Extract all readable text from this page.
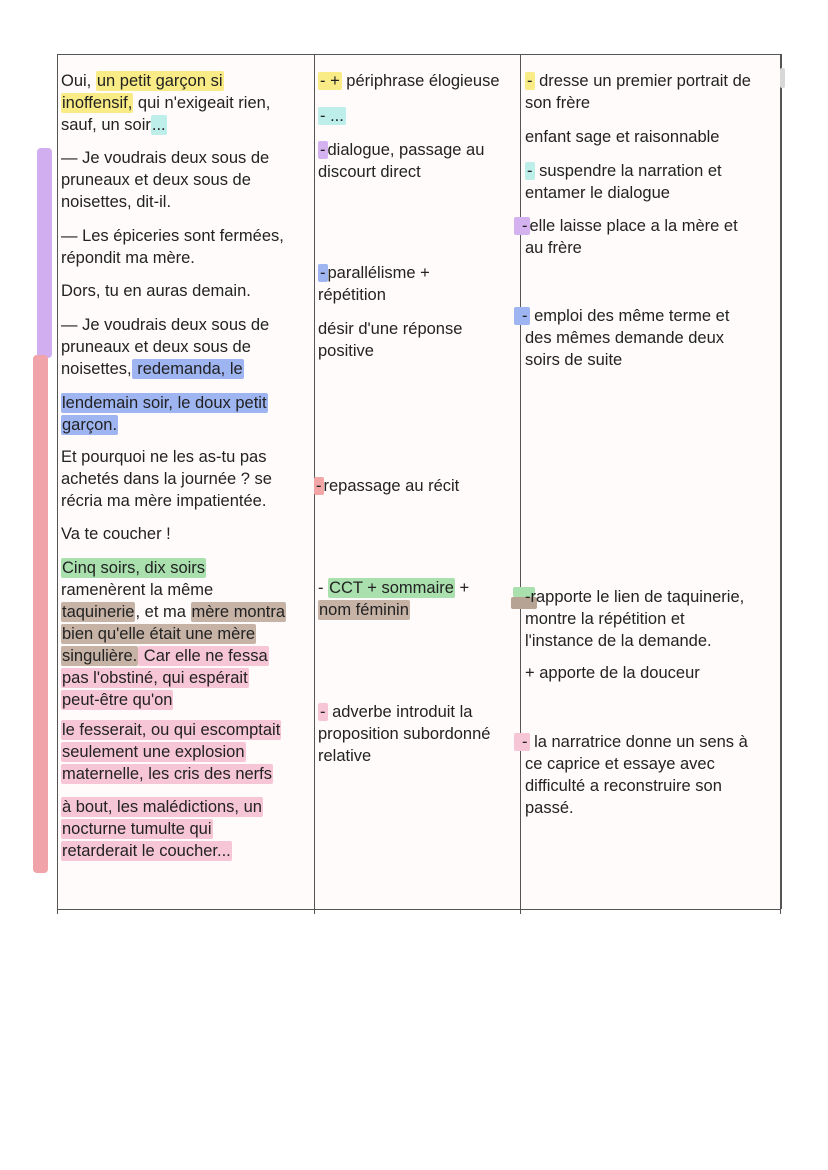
Oui, un petit garçon si
inoffensif, qui n'exigeait rien,
sauf, un soir...

— Je voudrais deux sous de
pruneaux et deux sous de
noisettes, dit-il.

— Les épiceries sont fermées,
répondit ma mère.

Dors, tu en auras demain.

— Je voudrais deux sous de
pruneaux et deux sous de
noisettes, redemanda, le

lendemain soir, le doux petit
garçon.

Et pourquoi ne les as-tu pas
achetés dans la journée ? se
récria ma mère impatientée.

Va te coucher !

Cinq soirs, dix soirs
ramenèrent la même
taquinerie, et ma mère montra
bien qu'elle était une mère
singulière. Car elle ne fessa
pas l'obstiné, qui espérait
peut-être qu'on

le fesserait, ou qui escomptait
seulement une explosion
maternelle, les cris des nerfs

à bout, les malédictions, un
nocturne tumulte qui
retarderait le coucher...

- + périphrase élogieuse

- ...

- dialogue, passage au
discourt direct

- parallélisme +
répétition

désir d'une réponse
positive

- repassage au récit

- CCT + sommaire +
nom féminin

- adverbe introduit la
proposition subordonné
relative

- dresse un premier portrait de
son frère

enfant sage et raisonnable

- suspendre la narration et
entamer le dialogue

- elle laisse place a la mère et
au frère

- emploi des même terme et
des mêmes demande deux
soirs de suite

-rapporte le lien de taquinerie,
montre la répétition et
l'instance de la demande.

+ apporte de la douceur

- la narratrice donne un sens à
ce caprice et essaye avec
difficulté a reconstruire son
passé.
